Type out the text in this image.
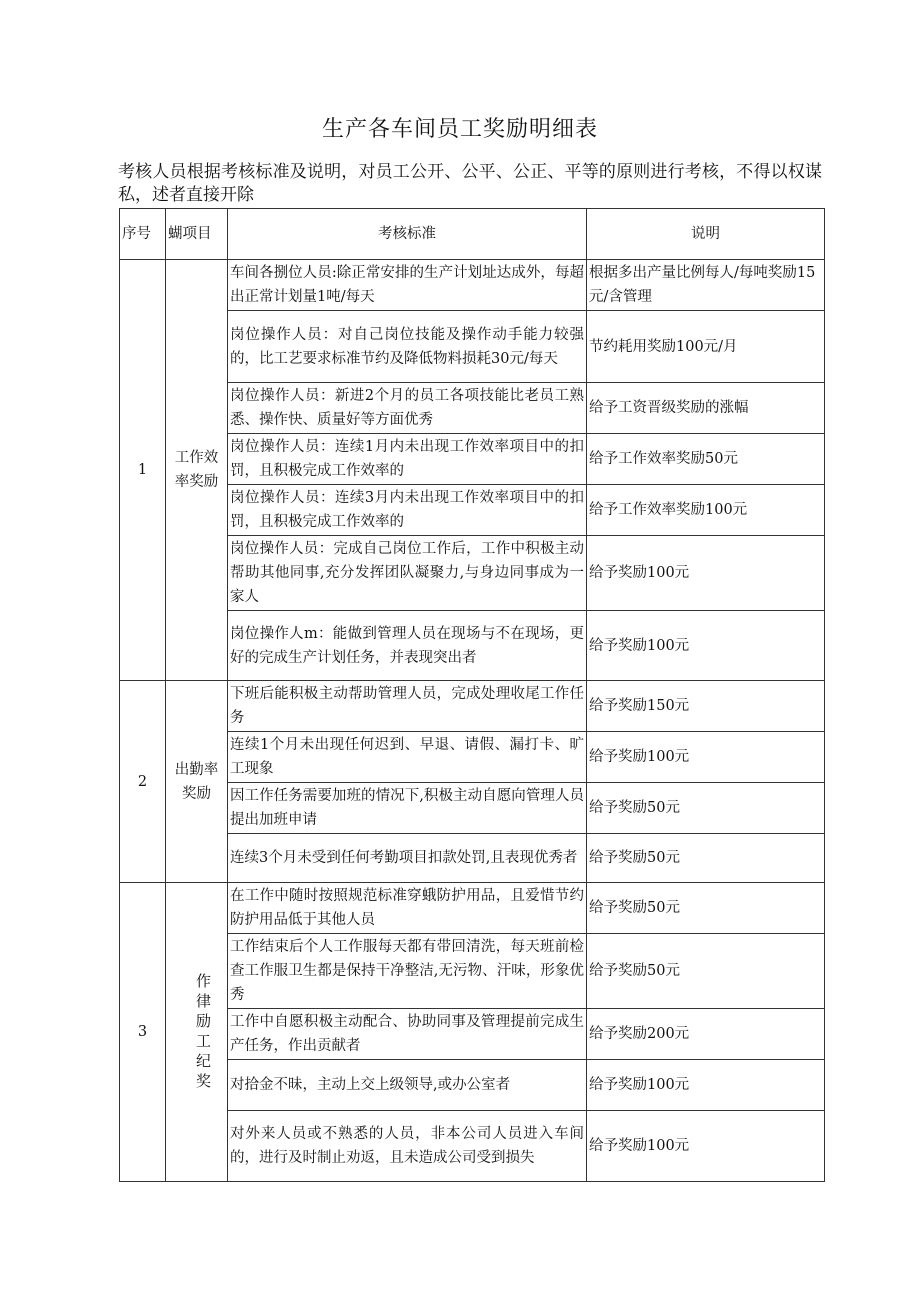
生产各车间员工奖励明细表
考核人员根据考核标准及说明，对员工公开、公平、公正、平等的原则进行考核，不得以权谋私，述者直接开除
序号	蝴项目	考核标准	说明
1	工作效率奖励	车间各捌位人员:除正常安排的生产计划址达成外，每超出正常计划量1吨/每天	根据多出产量比例每人/每吨奖励15元/含管理
		岗位操作人员：对自己岗位技能及操作动手能力较强的，比工艺要求标准节约及降低物料损耗30元/每天	节约耗用奖励100元/月
		岗位操作人员：新进2个月的员工各项技能比老员工熟悉、操作快、质量好等方面优秀	给予工资晋级奖励的涨幅
		岗位操作人员：连续1月内未出现工作效率项目中的扣罚，且积极完成工作效率的	给予工作效率奖励50元
		岗位操作人员：连续3月内未出现工作效率项目中的扣罚，且积极完成工作效率的	给予工作效率奖励100元
		岗位操作人员：完成自己岗位工作后，工作中积极主动帮助其他同事,充分发挥团队凝聚力,与身边同事成为一家人	给予奖励100元
		岗位操作人m：能做到管理人员在现场与不在现场，更好的完成生产计划任务，并表现突出者	给予奖励100元
2	出勤率奖励	下班后能积极主动帮助管理人员，完成处理收尾工作任务	给予奖励150元
		连续1个月未出现任何迟到、早退、请假、漏打卡、旷工现象	给予奖励100元
		因工作任务需要加班的情况下,积极主动自愿向管理人员提出加班申请	给予奖励50元
		连续3个月未受到任何考勤项目扣款处罚,且表现优秀者	给予奖励50元
3	作律励工纪奖	在工作中随时按照规范标准穿蛾防护用品，且爱惜节约防护用品低于其他人员	给予奖励50元
		工作结束后个人工作服每天都有带回清洗，每天班前检查工作服卫生都是保持干净整洁,无污物、汗味，形象优秀	给予奖励50元
		工作中自愿积极主动配合、协助同事及管理提前完成生产任务，作出贡献者	给予奖励200元
		对拾金不昧，主动上交上级领导,或办公室者	给予奖励100元
		对外来人员或不熟悉的人员，非本公司人员进入车间的，进行及时制止劝返，且未造成公司受到损失	给予奖励100元
